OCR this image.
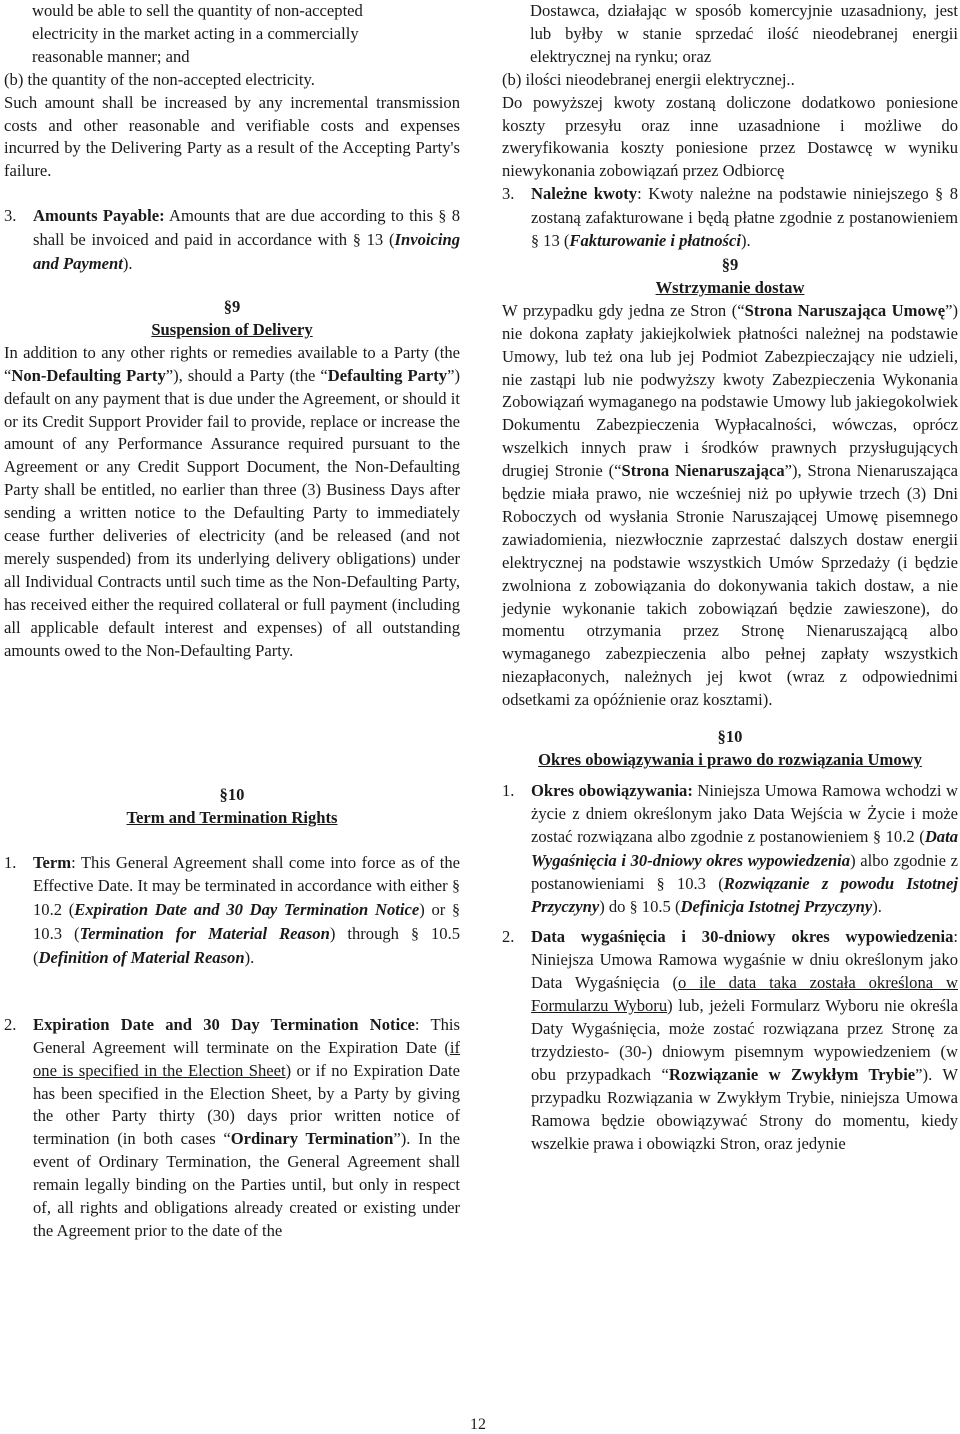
would be able to sell the quantity of non-accepted
electricity in the market acting in a commercially
reasonable manner; and
(b) the quantity of the non-accepted electricity.

Such amount shall be increased by any incremental transmission costs and other reasonable and verifiable costs and expenses incurred by the Delivering Party as a result of the Accepting Party's failure.

3. Amounts Payable: Amounts that are due according to this § 8 shall be invoiced and paid in accordance with § 13 (Invoicing and Payment).
§9
Suspension of Delivery

In addition to any other rights or remedies available to a Party (the “Non-Defaulting Party”), should a Party (the “Defaulting Party”) default on any payment that is due under the Agreement, or should it or its Credit Support Provider fail to provide, replace or increase the amount of any Performance Assurance required pursuant to the Agreement or any Credit Support Document, the Non-Defaulting Party shall be entitled, no earlier than three (3) Business Days after sending a written notice to the Defaulting Party to immediately cease further deliveries of electricity (and be released (and not merely suspended) from its underlying delivery obligations) under all Individual Contracts until such time as the Non-Defaulting Party, has received either the required collateral or full payment (including all applicable default interest and expenses) of all outstanding amounts owed to the Non-Defaulting Party.

§10
Term and Termination Rights
1. Term: This General Agreement shall come into force as of the Effective Date. It may be terminated in accordance with either § 10.2 (Expiration Date and 30 Day Termination Notice) or § 10.3 (Termination for Material Reason) through § 10.5 (Definition of Material Reason).
2. Expiration Date and 30 Day Termination Notice: This General Agreement will terminate on the Expiration Date (if one is specified in the Election Sheet) or if no Expiration Date has been specified in the Election Sheet, by a Party by giving the other Party thirty (30) days prior written notice of termination (in both cases “Ordinary Termination”). In the event of Ordinary Termination, the General Agreement shall remain legally binding on the Parties until, but only in respect of, all rights and obligations already created or existing under the Agreement prior to the date of the

Dostawca, działając w sposób komercyjnie uzasadniony, jest lub byłby w stanie sprzedać ilość nieodebranej energii elektrycznej na rynku; oraz

(b) ilości nieodebranej energii elektrycznej..

Do powyższej kwoty zostaną doliczone dodatkowo poniesione koszty przesyłu oraz inne uzasadnione i możliwe do zweryfikowania koszty poniesione przez Dostawcę w wyniku niewykonania zobowiązań przez Odbiorcę

3. Należne kwoty: Kwoty należne na podstawie niniejszego § 8 zostaną zafakturowane i będą płatne zgodnie z postanowieniem § 13 (Fakturowanie i płatności).
§9
Wstrzymanie dostaw

W przypadku gdy jedna ze Stron (“Strona Naruszająca Umowę”) nie dokona zapłaty jakiejkolwiek płatności należnej na podstawie Umowy, lub też ona lub jej Podmiot Zabezpieczający nie udzieli, nie zastąpi lub nie podwyższy kwoty Zabezpieczenia Wykonania Zobowiązań wymaganego na podstawie Umowy lub jakiegokolwiek Dokumentu Zabezpieczenia Wypłacalności, wówczas, oprócz wszelkich innych praw i środków prawnych przysługujących drugiej Stronie (“Strona Nienaruszająca”), Strona Nienaruszająca będzie miała prawo, nie wcześniej niż po upływie trzech (3) Dni Roboczych od wysłania Stronie Naruszającej Umowę pisemnego zawiadomienia, niezwłocznie zaprzestać dalszych dostaw energii elektrycznej na podstawie wszystkich Umów Sprzedaży (i będzie zwolniona z zobowiązania do dokonywania takich dostaw, a nie jedynie wykonanie takich zobowiązań będzie zawieszone), do momentu otrzymania przez Stronę Nienaruszającą albo wymaganego zabezpieczenia albo pełnej zapłaty wszystkich niezapłaconych, należnych jej kwot (wraz z odpowiednimi odsetkami za opóźnienie oraz kosztami).

§10
Okres obowiązywania i prawo do rozwiązania Umowy
1. Okres obowiązywania: Niniejsza Umowa Ramowa wchodzi w życie z dniem określonym jako Data Wejścia w Życie i może zostać rozwiązana albo zgodnie z postanowieniem § 10.2 (Data Wygaśnięcia i 30-dniowy okres wypowiedzenia) albo zgodnie z postanowieniami § 10.3 (Rozwiązanie z powodu Istotnej Przyczyny) do § 10.5 (Definicja Istotnej Przyczyny).
2. Data wygaśnięcia i 30-dniowy okres wypowiedzenia: Niniejsza Umowa Ramowa wygaśnie w dniu określonym jako Data Wygaśnięcia (o ile data taka została określona w Formularzu Wyboru) lub, jeżeli Formularz Wyboru nie określa Daty Wygaśnięcia, może zostać rozwiązana przez Stronę za trzydziesto- (30-) dniowym pisemnym wypowiedzeniem (w obu przypadkach “Rozwiązanie w Zwykłym Trybie”). W przypadku Rozwiązania w Zwykłym Trybie, niniejsza Umowa Ramowa będzie obowiązywać Strony do momentu, kiedy wszelkie prawa i obowiązki Stron, oraz jedynie
12
